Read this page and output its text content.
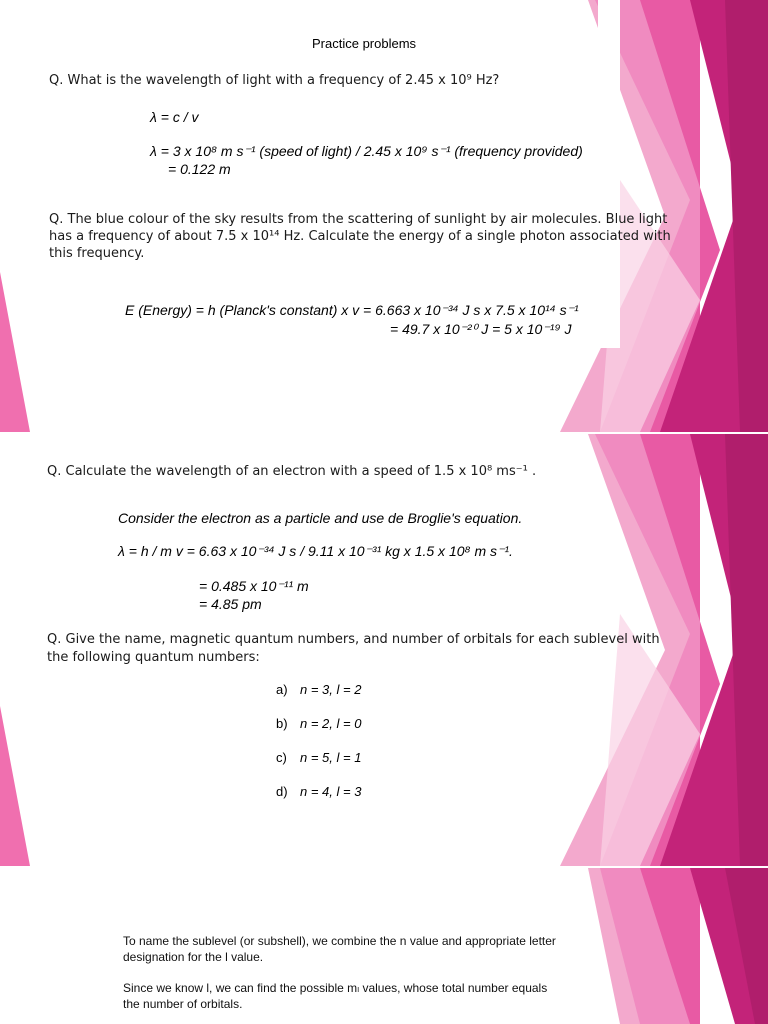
Practice problems
Q. What is the wavelength of light with a frequency of 2.45 x 10⁹ Hz?
λ = c / v
λ = 3 x 10⁸ m s⁻¹ (speed of light) / 2.45 x 10⁹ s⁻¹ (frequency provided)
= 0.122 m
Q. The blue colour of the sky results from the scattering of sunlight by air molecules. Blue light
has a frequency of about 7.5 x 10¹⁴ Hz. Calculate the energy of a single photon associated with
this frequency.
E (Energy) = h (Planck's constant) x v = 6.663 x 10⁻³⁴ J s x 7.5 x 10¹⁴ s⁻¹
= 49.7 x 10⁻²⁰ J = 5 x 10⁻¹⁹ J
Q. Calculate the wavelength of an electron with a speed of 1.5 x 10⁸ ms⁻¹ .
Consider the electron as a particle and use de Broglie's equation.
λ = h / m v = 6.63 x 10⁻³⁴ J s / 9.11 x 10⁻³¹ kg x 1.5 x 10⁸ m s⁻¹.
= 0.485 x 10⁻¹¹ m
= 4.85 pm
Q. Give the name, magnetic quantum numbers, and number of orbitals for each sublevel with
the following quantum numbers:
a) n = 3, l = 2
b) n = 2, l = 0
c) n = 5, l = 1
d) n = 4, l = 3
To name the sublevel (or subshell), we combine the n value and appropriate letter
designation for the l value.
Since we know l, we can find the possible mₗ values, whose total number equals
the number of orbitals.
